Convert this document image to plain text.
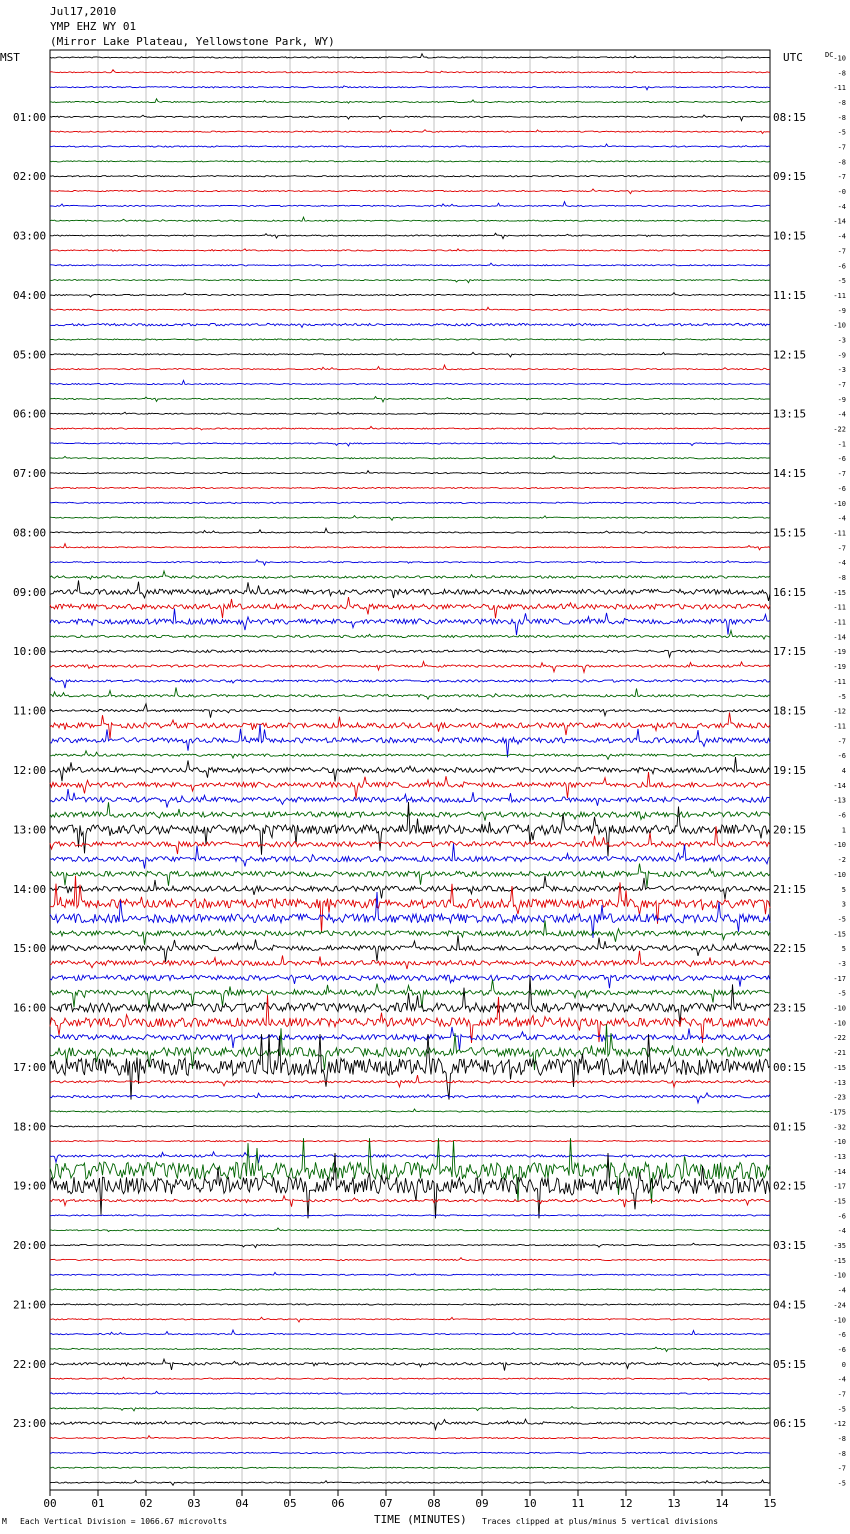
Jul17,2010
YMP EHZ WY 01
(Mirror Lake Plateau, Yellowstone Park, WY)
MST	UTC	DC
01:00
02:00
03:00
04:00
05:00
06:00
07:00
08:00
09:00
10:00
11:00
12:00
13:00
14:00
15:00
16:00
17:00
18:00
19:00
20:00
21:00
22:00
23:00
08:15
09:15
10:15
11:15
12:15
13:15
14:15
15:15
16:15
17:15
18:15
19:15
20:15
21:15
22:15
23:15
00:15
01:15
02:15
03:15
04:15
05:15
06:15
-10
-8
-11
-8
-8
-5
-7
-8
-7
-0
-4
-14
-4
-7
-6
-5
-11
-9
-10
-3
-9
-3
-7
-9
-4
-22
-1
-6
-7
-6
-10
-4
-11
-7
-4
-8
-15
-11
-11
-14
-19
-19
-11
-5
-12
-11
-7
-6
4
-14
-13
-6
1
-10
-2
-10
5
3
-5
-15
5
-3
-17
-5
-10
-10
-22
-21
-15
-13
-23
-175
-32
-10
-13
-14
-17
-15
-6
-4
-35
-15
-10
-4
-24
-10
-6
-6
0
-4
-7
-5
-12
-8
-8
-7
-5
00	01	02	03	04	05	06	07	08	09	10	11	12	13	14	15
M Each Vertical Division = 1066.67 microvolts	TIME (MINUTES) Traces clipped at plus/minus 5 vertical divisions
